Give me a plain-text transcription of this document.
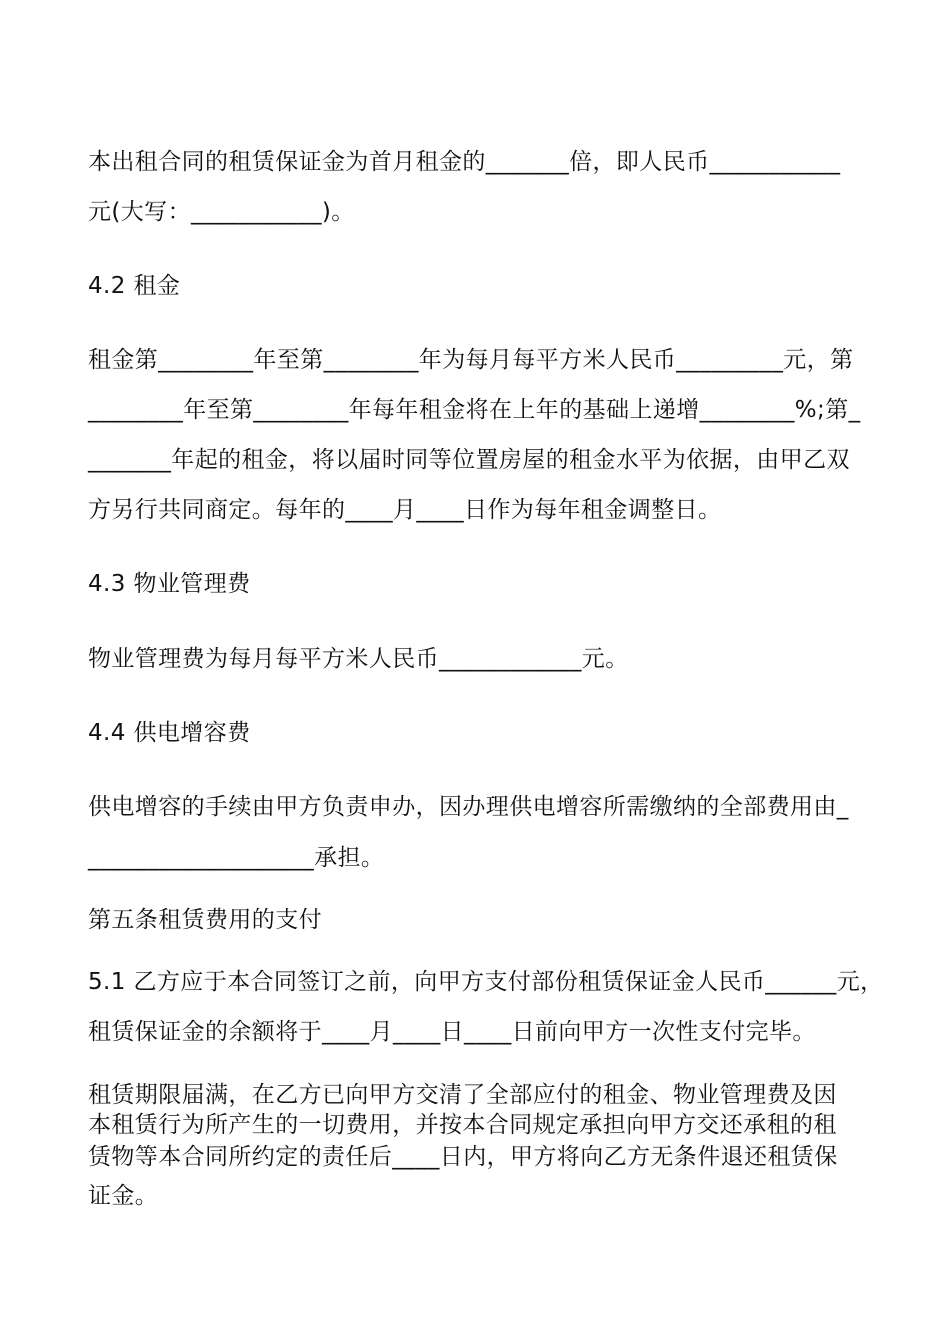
本出租合同的租赁保证金为首月租金的_______倍，即人民币___________
元(大写：___________)。
4.2 租金
租金第________年至第________年为每月每平方米人民币_________元，第
________年至第________年每年租金将在上年的基础上递增________%;第_
_______年起的租金，将以届时同等位置房屋的租金水平为依据，由甲乙双
方另行共同商定。每年的____月____日作为每年租金调整日。
4.3 物业管理费
物业管理费为每月每平方米人民币____________元。
4.4 供电增容费
供电增容的手续由甲方负责申办，因办理供电增容所需缴纳的全部费用由_
___________________承担。
第五条租赁费用的支付
5.1 乙方应于本合同签订之前，向甲方支付部份租赁保证金人民币______元，
租赁保证金的余额将于____月____日____日前向甲方一次性支付完毕。
租赁期限届满，在乙方已向甲方交清了全部应付的租金、物业管理费及因
本租赁行为所产生的一切费用，并按本合同规定承担向甲方交还承租的租
赁物等本合同所约定的责任后____日内，甲方将向乙方无条件退还租赁保
证金。
